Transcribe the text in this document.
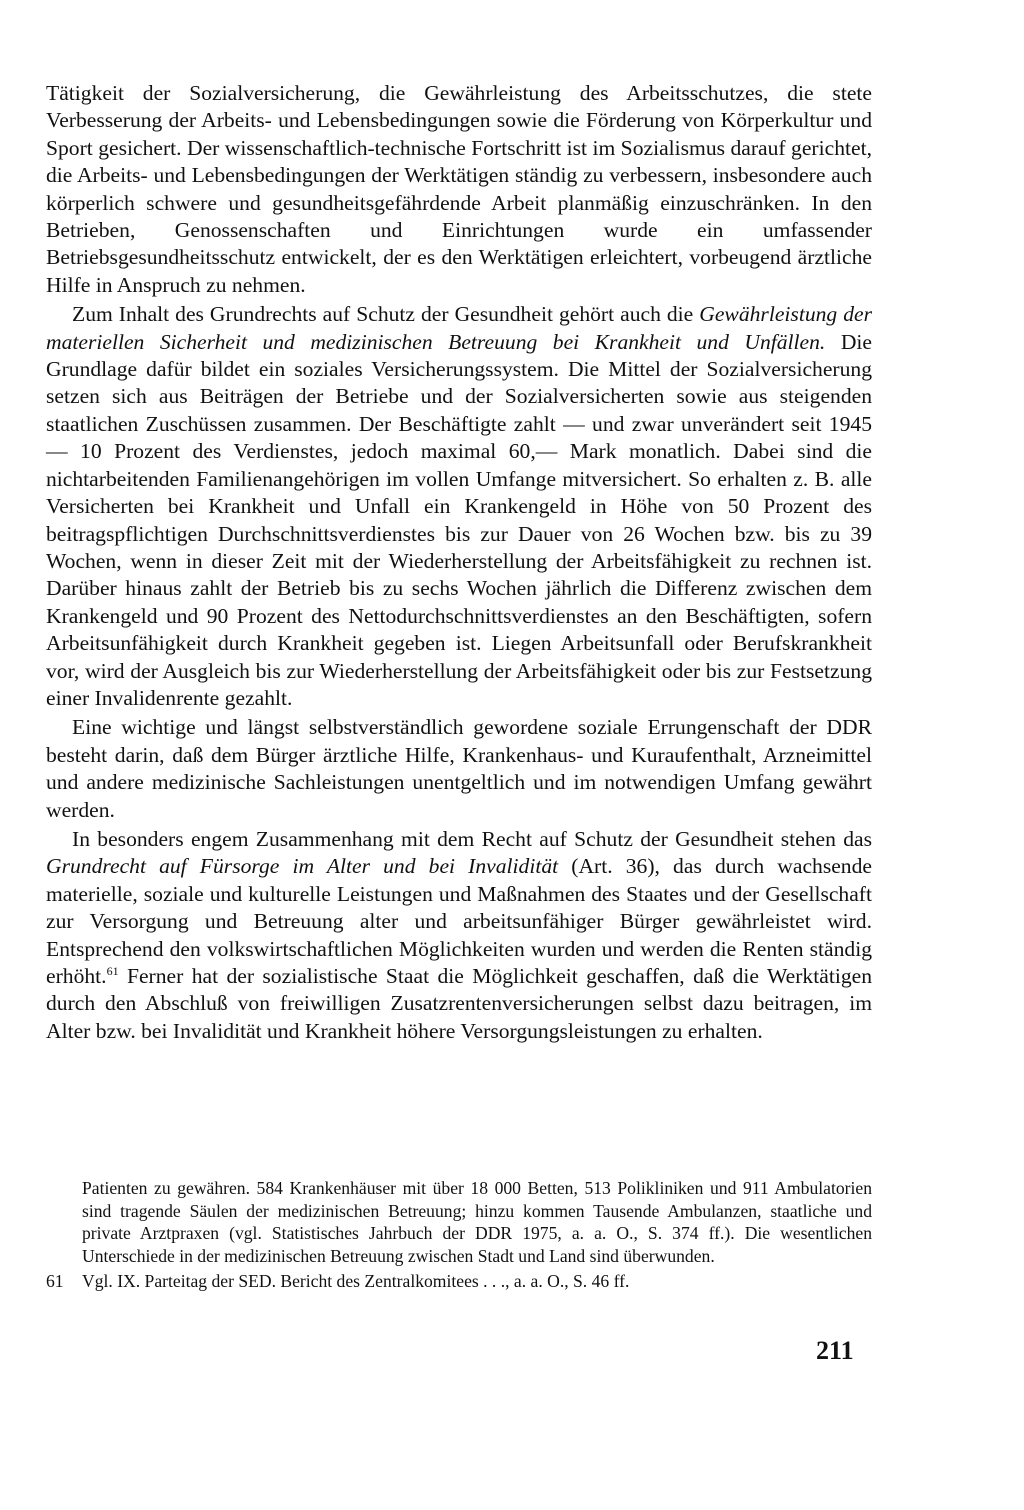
Tätigkeit der Sozialversicherung, die Gewährleistung des Arbeitsschutzes, die stete Verbesserung der Arbeits- und Lebensbedingungen sowie die Förderung von Körperkultur und Sport gesichert. Der wissenschaftlich-technische Fortschritt ist im Sozialismus darauf gerichtet, die Arbeits- und Lebensbedingungen der Werktätigen ständig zu verbessern, insbesondere auch körperlich schwere und gesundheitsgefährdende Arbeit planmäßig einzuschränken. In den Betrieben, Genossenschaften und Einrichtungen wurde ein umfassender Betriebsgesundheitsschutz entwickelt, der es den Werktätigen erleichtert, vorbeugend ärztliche Hilfe in Anspruch zu nehmen.

Zum Inhalt des Grundrechts auf Schutz der Gesundheit gehört auch die Gewährleistung der materiellen Sicherheit und medizinischen Betreuung bei Krankheit und Unfällen. Die Grundlage dafür bildet ein soziales Versicherungssystem. Die Mittel der Sozialversicherung setzen sich aus Beiträgen der Betriebe und der Sozialversicherten sowie aus steigenden staatlichen Zuschüssen zusammen. Der Beschäftigte zahlt — und zwar unverändert seit 1945 — 10 Prozent des Verdienstes, jedoch maximal 60,— Mark monatlich. Dabei sind die nichtarbeitenden Familienangehörigen im vollen Umfange mitversichert. So erhalten z. B. alle Versicherten bei Krankheit und Unfall ein Krankengeld in Höhe von 50 Prozent des beitragspflichtigen Durchschnittsverdienstes bis zur Dauer von 26 Wochen bzw. bis zu 39 Wochen, wenn in dieser Zeit mit der Wiederherstellung der Arbeitsfähigkeit zu rechnen ist. Darüber hinaus zahlt der Betrieb bis zu sechs Wochen jährlich die Differenz zwischen dem Krankengeld und 90 Prozent des Nettodurchschnittsverdienstes an den Beschäftigten, sofern Arbeitsunfähigkeit durch Krankheit gegeben ist. Liegen Arbeitsunfall oder Berufskrankheit vor, wird der Ausgleich bis zur Wiederherstellung der Arbeitsfähigkeit oder bis zur Festsetzung einer Invalidenrente gezahlt.

Eine wichtige und längst selbstverständlich gewordene soziale Errungenschaft der DDR besteht darin, daß dem Bürger ärztliche Hilfe, Krankenhaus- und Kuraufenthalt, Arzneimittel und andere medizinische Sachleistungen unentgeltlich und im notwendigen Umfang gewährt werden.

In besonders engem Zusammenhang mit dem Recht auf Schutz der Gesundheit stehen das Grundrecht auf Fürsorge im Alter und bei Invalidität (Art. 36), das durch wachsende materielle, soziale und kulturelle Leistungen und Maßnahmen des Staates und der Gesellschaft zur Versorgung und Betreuung alter und arbeitsunfähiger Bürger gewährleistet wird. Entsprechend den volkswirtschaftlichen Möglichkeiten wurden und werden die Renten ständig erhöht.$^{61}$ Ferner hat der sozialistische Staat die Möglichkeit geschaffen, daß die Werktätigen durch den Abschluß von freiwilligen Zusatzrentenversicherungen selbst dazu beitragen, im Alter bzw. bei Invalidität und Krankheit höhere Versorgungsleistungen zu erhalten.

Patienten zu gewähren. 584 Krankenhäuser mit über 18 000 Betten, 513 Polikliniken und 911 Ambulatorien sind tragende Säulen der medizinischen Betreuung; hinzu kommen Tausende Ambulanzen, staatliche und private Arztpraxen (vgl. Statistisches Jahrbuch der DDR 1975, a. a. O., S. 374 ff.). Die wesentlichen Unterschiede in der medizinischen Betreuung zwischen Stadt und Land sind überwunden.

61	Vgl. IX. Parteitag der SED. Bericht des Zentralkomitees . . ., a. a. O., S. 46 ff.
211
